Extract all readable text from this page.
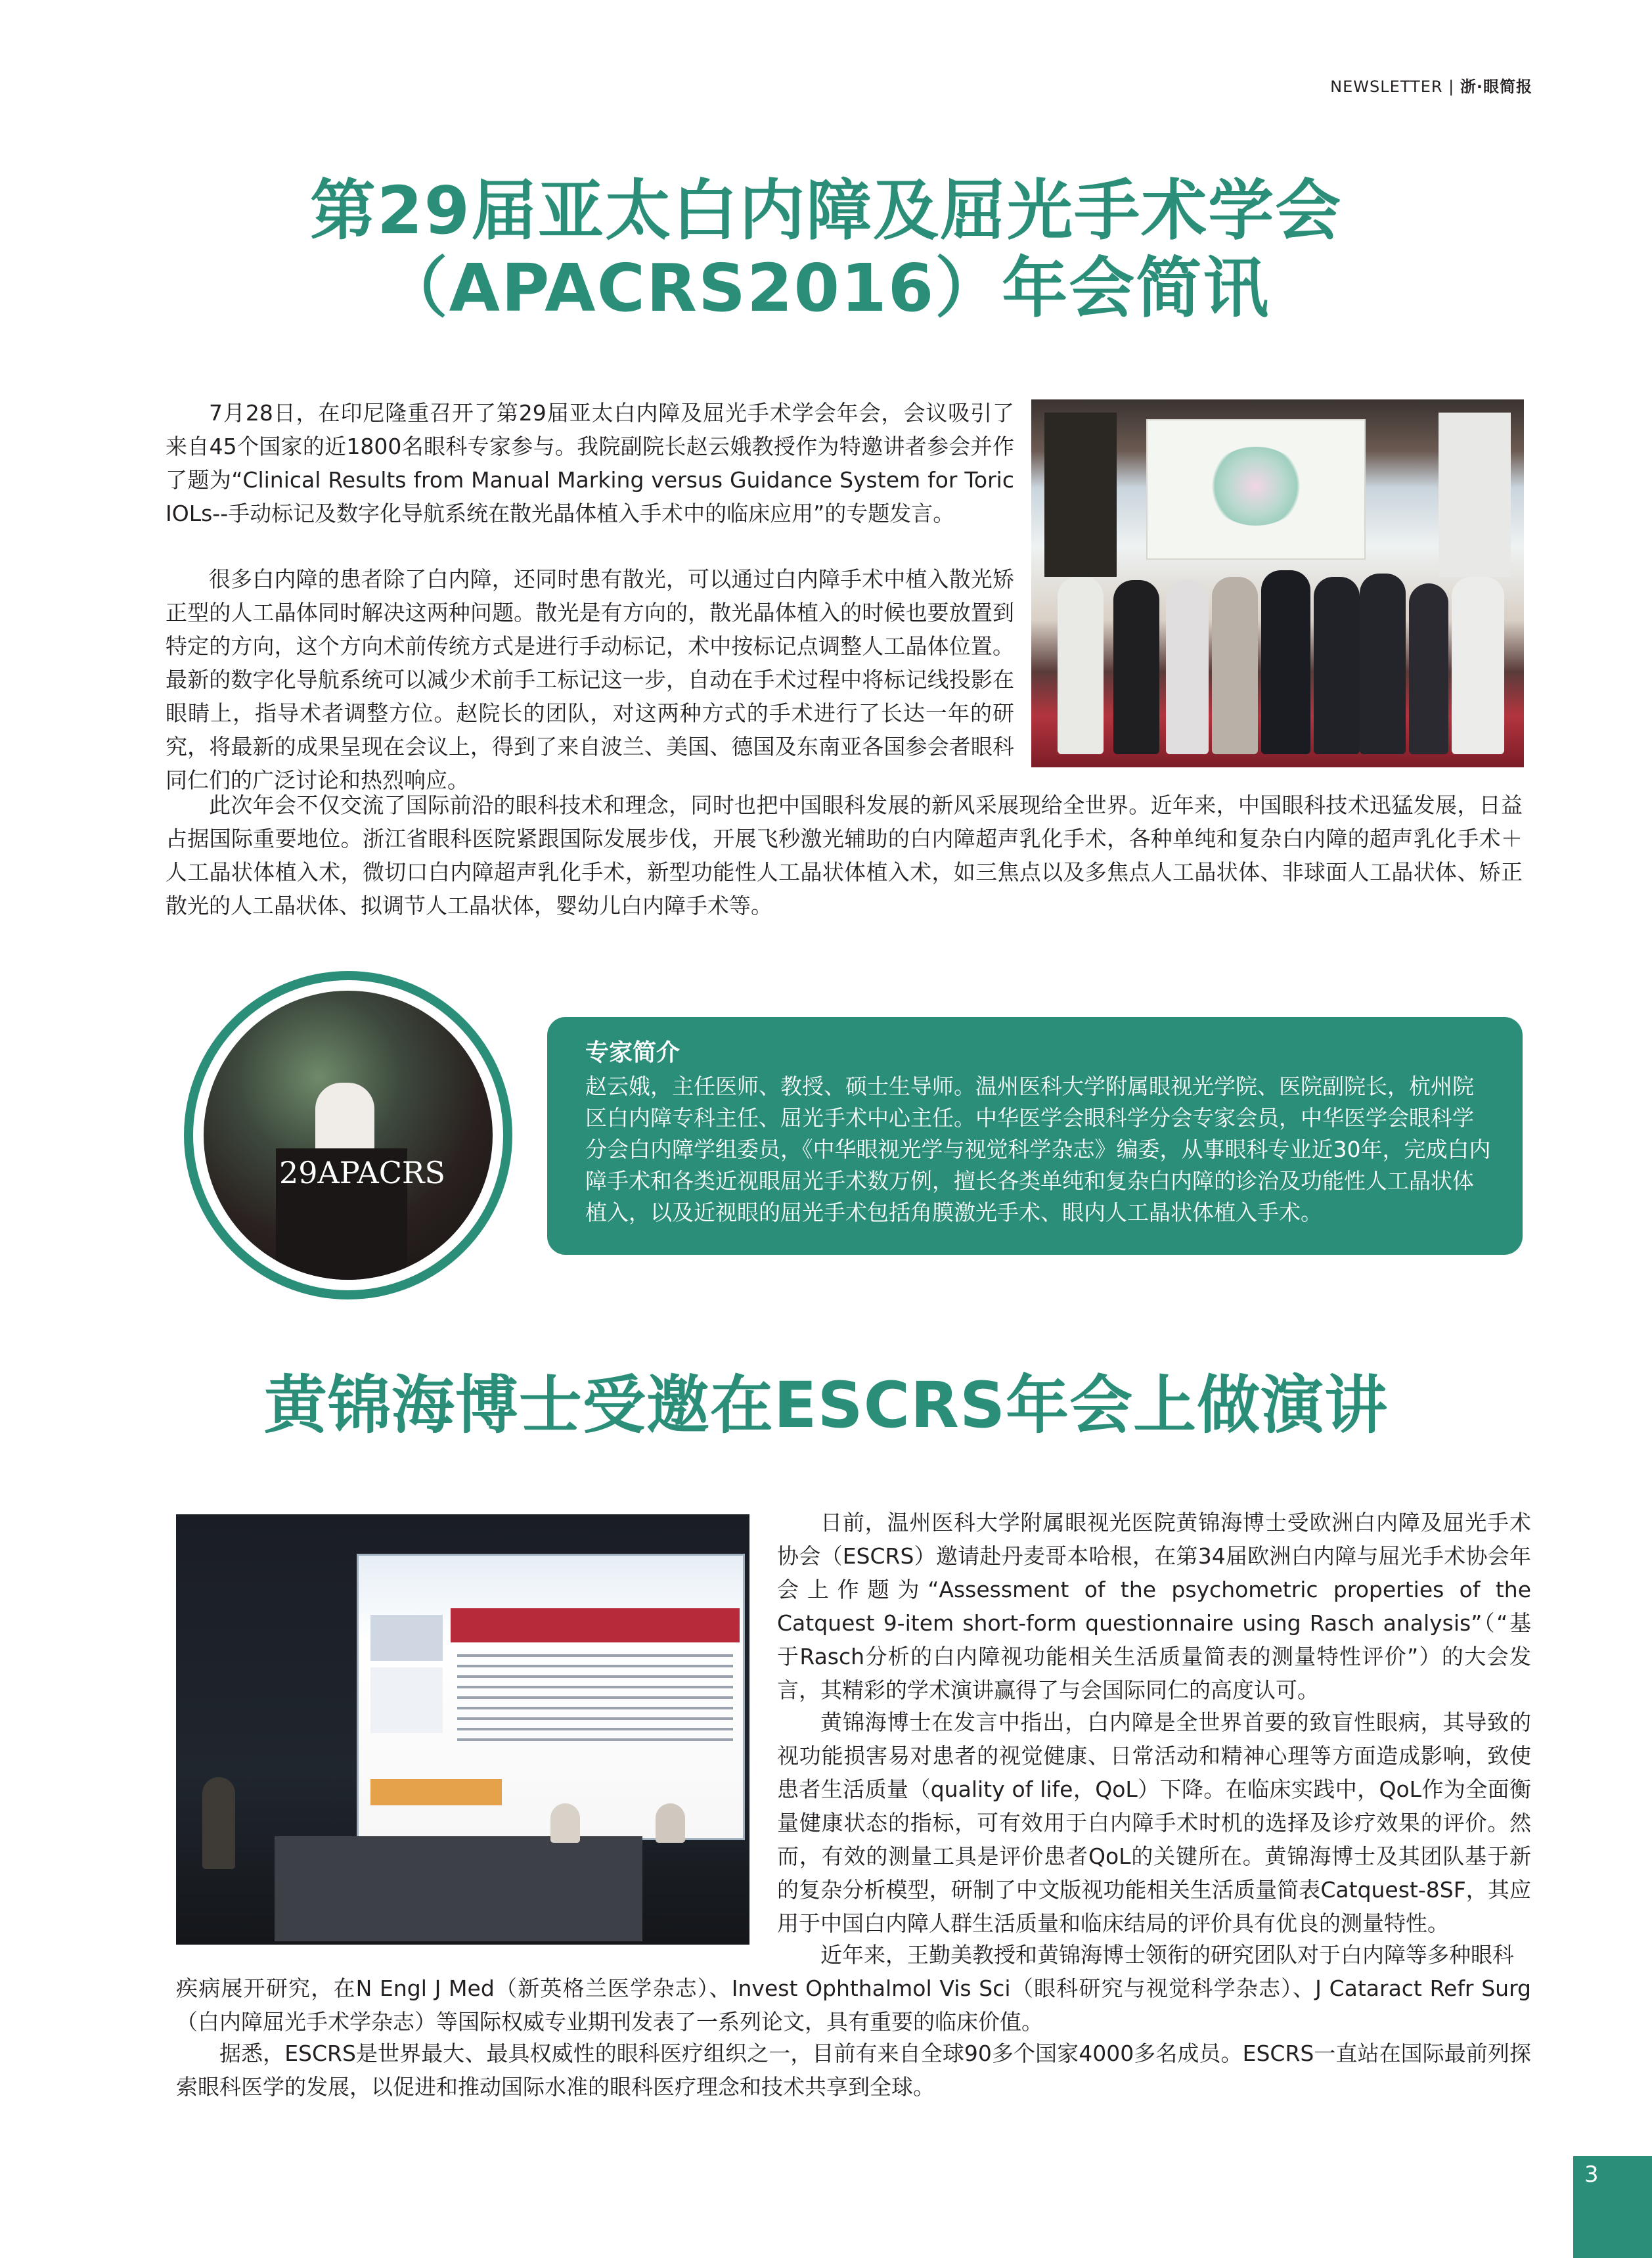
NEWSLETTER | 浙·眼简报
第29届亚太白内障及屈光手术学会
（APACRS2016）年会简讯

7月28日，在印尼隆重召开了第29届亚太白内障及屈光手术学会年会，会议吸引了来自45个国家的近1800名眼科专家参与。我院副院长赵云娥教授作为特邀讲者参会并作了题为“Clinical Results from Manual Marking versus Guidance System for Toric IOLs--手动标记及数字化导航系统在散光晶体植入手术中的临床应用”的专题发言。

很多白内障的患者除了白内障，还同时患有散光，可以通过白内障手术中植入散光矫正型的人工晶体同时解决这两种问题。散光是有方向的，散光晶体植入的时候也要放置到特定的方向，这个方向术前传统方式是进行手动标记，术中按标记点调整人工晶体位置。最新的数字化导航系统可以减少术前手工标记这一步，自动在手术过程中将标记线投影在眼睛上，指导术者调整方位。赵院长的团队，对这两种方式的手术进行了长达一年的研究，将最新的成果呈现在会议上，得到了来自波兰、美国、德国及东南亚各国参会者眼科同仁们的广泛讨论和热烈响应。

此次年会不仅交流了国际前沿的眼科技术和理念，同时也把中国眼科发展的新风采展现给全世界。近年来，中国眼科技术迅猛发展，日益占据国际重要地位。浙江省眼科医院紧跟国际发展步伐，开展飞秒激光辅助的白内障超声乳化手术，各种单纯和复杂白内障的超声乳化手术＋人工晶状体植入术，微切口白内障超声乳化手术，新型功能性人工晶状体植入术，如三焦点以及多焦点人工晶状体、非球面人工晶状体、矫正散光的人工晶状体、拟调节人工晶状体，婴幼儿白内障手术等。

29APACRS
专家简介

赵云娥，主任医师、教授、硕士生导师。温州医科大学附属眼视光学院、医院副院长，杭州院区白内障专科主任、屈光手术中心主任。中华医学会眼科学分会专家会员，中华医学会眼科学分会白内障学组委员，《中华眼视光学与视觉科学杂志》编委，从事眼科专业近30年，完成白内障手术和各类近视眼屈光手术数万例，擅长各类单纯和复杂白内障的诊治及功能性人工晶状体植入，以及近视眼的屈光手术包括角膜激光手术、眼内人工晶状体植入手术。

黄锦海博士受邀在ESCRS年会上做演讲

日前，温州医科大学附属眼视光医院黄锦海博士受欧洲白内障及屈光手术协会（ESCRS）邀请赴丹麦哥本哈根，在第34届欧洲白内障与屈光手术协会年会上作题为“Assessment of the psychometric properties of the Catquest 9-item short-form questionnaire using Rasch analysis”（“基于Rasch分析的白内障视功能相关生活质量简表的测量特性评价”）的大会发言，其精彩的学术演讲赢得了与会国际同仁的高度认可。

黄锦海博士在发言中指出，白内障是全世界首要的致盲性眼病，其导致的视功能损害易对患者的视觉健康、日常活动和精神心理等方面造成影响，致使患者生活质量（quality of life，QoL）下降。在临床实践中，QoL作为全面衡量健康状态的指标，可有效用于白内障手术时机的选择及诊疗效果的评价。然而，有效的测量工具是评价患者QoL的关键所在。黄锦海博士及其团队基于新的复杂分析模型，研制了中文版视功能相关生活质量简表Catquest-8SF，其应用于中国白内障人群生活质量和临床结局的评价具有优良的测量特性。

近年来，王勤美教授和黄锦海博士领衔的研究团队对于白内障等多种眼科

疾病展开研究，在N Engl J Med（新英格兰医学杂志）、Invest Ophthalmol Vis Sci（眼科研究与视觉科学杂志）、J Cataract Refr Surg（白内障屈光手术学杂志）等国际权威专业期刊发表了一系列论文，具有重要的临床价值。

据悉，ESCRS是世界最大、最具权威性的眼科医疗组织之一，目前有来自全球90多个国家4000多名成员。ESCRS一直站在国际最前列探索眼科医学的发展，以促进和推动国际水准的眼科医疗理念和技术共享到全球。

3
